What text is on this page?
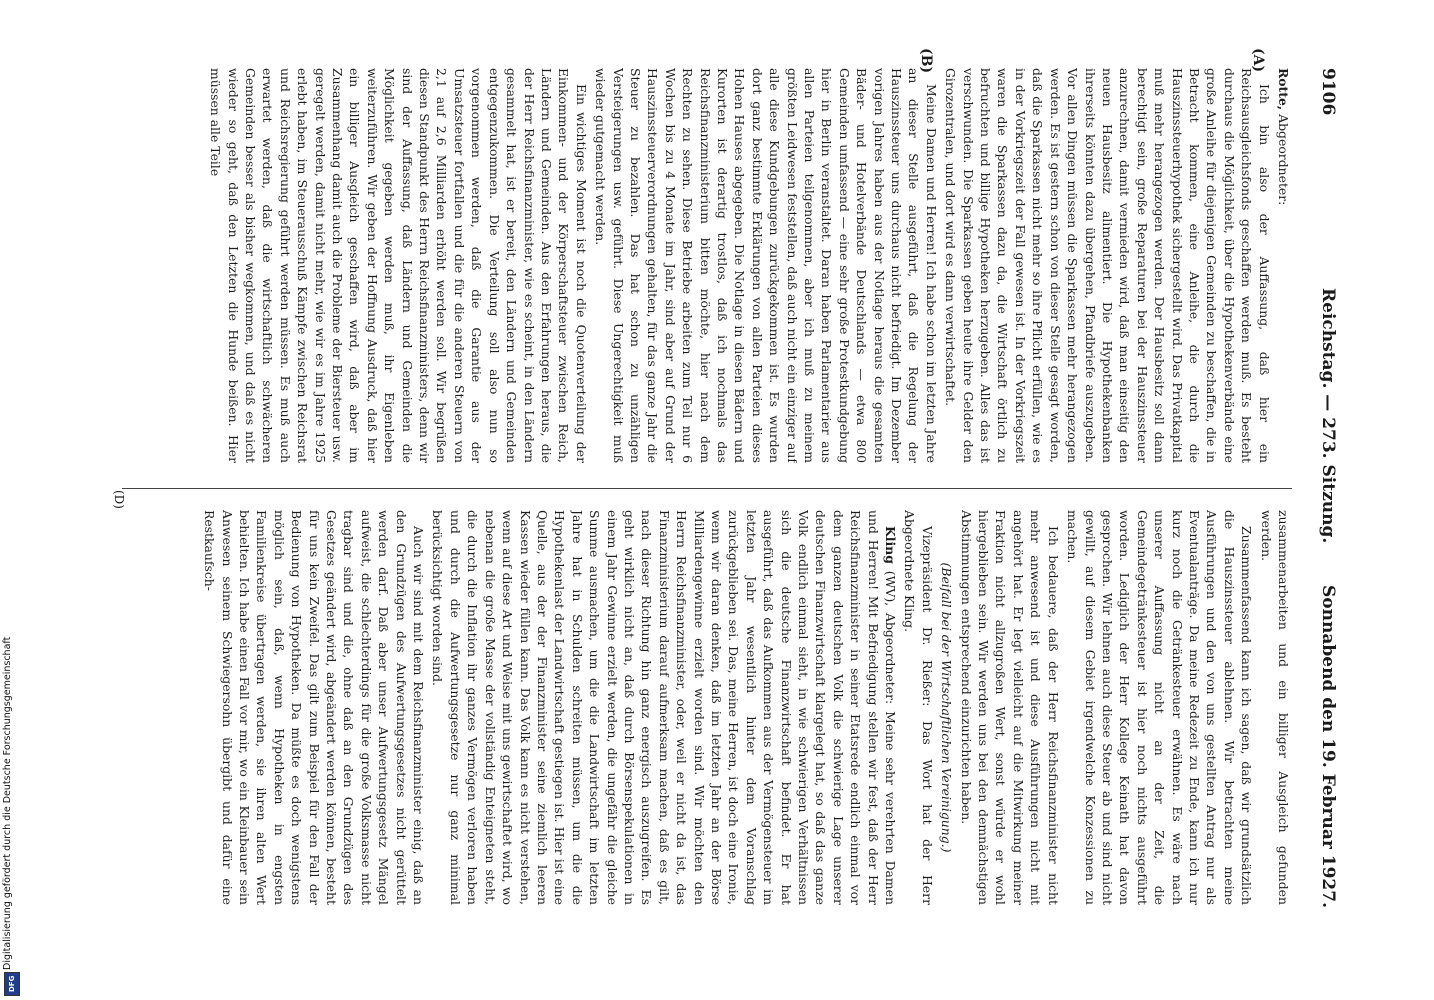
9106
Reichstag. — 273. Sitzung.
Sonnabend den 19. Februar 1927.
(A)
(B)
(D)

Rotte, Abgeordneter:

Ich bin also der Auffassung, daß hier ein Reichsausgleichsfonds geschaffen werden muß. Es besteht durchaus die Möglichkeit, über die Hypothekenverbände eine große Anleihe für diejenigen Gemeinden zu beschaffen, die in Betracht kommen, eine Anleihe, die durch die Hauszinssteuerhypothek sichergestellt wird. Das Privatkapital muß mehr herangezogen werden. Der Hausbesitz soll dann berechtigt sein, große Reparaturen bei der Hauszinssteuer anzurechnen, damit vermieden wird, daß man einseitig den neuen Hausbesitz alimentiert. Die Hypothekenbanken ihrerseits könnten dazu übergehen, Pfandbriefe auszugeben. Vor allen Dingen müssen die Sparkassen mehr herangezogen werden. Es ist gestern schon von dieser Stelle gesagt worden, daß die Sparkassen nicht mehr so ihre Pflicht erfüllen, wie es in der Vorkriegszeit der Fall gewesen ist. In der Vorkriegszeit waren die Sparkassen dazu da, die Wirtschaft örtlich zu befruchten und billige Hypotheken herzugeben. Alles das ist verschwunden. Die Sparkassen geben heute ihre Gelder den Girozentralen, und dort wird es dann verwirtschaftet.

Meine Damen und Herren! Ich habe schon im letzten Jahre an dieser Stelle ausgeführt, daß die Regelung der Hauszinssteuer uns durchaus nicht befriedigt. Im Dezember vorigen Jahres haben aus der Notlage heraus die gesamten Bäder- und Hotelverbände Deutschlands — etwa 800 Gemeinden umfassend — eine sehr große Protestkundgebung hier in Berlin veranstaltet. Daran haben Parlamentarier aus allen Parteien teilgenommen, aber ich muß zu meinem größten Leidwesen feststellen, daß auch nicht ein einziger auf alle diese Kundgebungen zurückgekommen ist. Es wurden dort ganz bestimmte Erklärungen von allen Parteien dieses Hohen Hauses abgegeben. Die Notlage in diesen Bädern und Kurorten ist derartig trostlos, daß ich nochmals das Reichsfinanzministerium bitten möchte, hier nach dem Rechten zu sehen. Diese Betriebe arbeiten zum Teil nur 6 Wochen bis zu 4 Monate im Jahr, sind aber auf Grund der Hauszinssteuerverordnungen gehalten, für das ganze Jahr die Steuer zu bezahlen. Das hat schon zu unzähligen Versteigerungen usw. geführt. Diese Ungerechtigkeit muß wieder gutgemacht werden.

Ein wichtiges Moment ist noch die Quotenverteilung der Einkommen- und der Körperschaftsteuer zwischen Reich, Ländern und Gemeinden. Aus den Erfahrungen heraus, die der Herr Reichsfinanzminister, wie es scheint, in den Ländern gesammelt hat, ist er bereit, den Ländern und Gemeinden entgegenzukommen. Die Verteilung soll also nun so vorgenommen werden, daß die Garantie aus der Umsatzsteuer fortfallen und die für die anderen Steuern von 2,1 auf 2,6 Milliarden erhöht werden soll. Wir begrüßen diesen Standpunkt des Herrn Reichsfinanzministers, denn wir sind der Auffassung, daß Ländern und Gemeinden die Möglichkeit gegeben werden muß, ihr Eigenleben weiterzuführen. Wir geben der Hoffnung Ausdruck, daß hier ein billiger Ausgleich geschaffen wird, daß aber im Zusammenhang damit auch die Probleme der Biersteuer usw. geregelt werden, damit nicht mehr, wie wir es im Jahre 1925 erlebt haben, im Steuerausschuß Kämpfe zwischen Reichsrat und Reichsregierung geführt werden müssen. Es muß auch erwartet werden, daß die wirtschaftlich schwächeren Gemeinden besser als bisher wegkommen, und daß es nicht wieder so geht, daß den Letzten die Hunde beißen. Hier müssen alle Teile

zusammenarbeiten und ein billiger Ausgleich gefunden werden.

Zusammenfassend kann ich sagen, daß wir grundsätzlich die Hauszinssteuer ablehnen. Wir betrachten meine Ausführungen und den von uns gestellten Antrag nur als Eventualanträge. Da meine Redezeit zu Ende, kann ich nur kurz noch die Getränkesteuer erwähnen. Es wäre nach unserer Auffassung nicht an der Zeit, die Gemeindegetränkesteuer ist hier noch nichts ausgeführt worden. Lediglich der Herr Kollege Keinath hat davon gesprochen. Wir lehnen auch diese Steuer ab und sind nicht gewillt, auf diesem Gebiet irgendwelche Konzessionen zu machen.

Ich bedauere, daß der Herr Reichsfinanzminister nicht mehr anwesend ist und diese Ausführungen nicht mit angehört hat. Er legt vielleicht auf die Mitwirkung meiner Fraktion nicht allzugroßen Wert, sonst würde er wohl hiergeblieben sein. Wir werden uns bei den demnächstigen Abstimmungen entsprechend einzurichten haben.

(Beifall bei der Wirtschaftlichen Vereinigung.)

Vizepräsident Dr. Rießer: Das Wort hat der Herr Abgeordnete Kling.

Kling (WV), Abgeordneter: Meine sehr verehrten Damen und Herren! Mit Befriedigung stellen wir fest, daß der Herr Reichsfinanzminister in seiner Etatsrede endlich einmal vor dem ganzen deutschen Volk die schwierige Lage unserer deutschen Finanzwirtschaft klargelegt hat, so daß das ganze Volk endlich einmal sieht, in wie schwierigen Verhältnissen sich die deutsche Finanzwirtschaft befindet. Er hat ausgeführt, daß das Aufkommen aus der Vermögensteuer im letzten Jahr wesentlich hinter dem Voranschlag zurückgeblieben sei. Das, meine Herren, ist doch eine Ironie, wenn wir daran denken, daß im letzten Jahr an der Börse Milliardengewinne erzielt worden sind. Wir möchten den Herrn Reichsfinanzminister, oder, weil er nicht da ist, das Finanzministerium darauf aufmerksam machen, daß es gilt, nach dieser Richtung hin ganz energisch auszugreifen. Es geht wirklich nicht an, daß durch Börsenspekulationen in einem Jahr Gewinne erzielt werden, die ungefähr die gleiche Summe ausmachen, um die die Landwirtschaft im letzten Jahre hat in Schulden schreiten müssen, um die die Hypothekenlast der Landwirtschaft gestiegen ist. Hier ist eine Quelle, aus der der Finanzminister seine ziemlich leeren Kassen wieder füllen kann. Das Volk kann es nicht verstehen, wenn auf diese Art und Weise mit uns gewirtschaftet wird, wo nebenan die große Masse der vollständig Enteigneten steht, die durch die Inflation ihr ganzes Vermögen verloren haben und durch die Aufwertungsgesetze nur ganz minimal berücksichtigt worden sind.

Auch wir sind mit dem Reichsfinanzminister einig, daß an den Grundzügen des Aufwertungsgesetzes nicht gerüttelt werden darf. Daß aber unser Aufwertungsgesetz Mängel aufweist, die schlechterdings für die große Volksmasse nicht tragbar sind und die, ohne daß an den Grundzügen des Gesetzes geändert wird, abgeändert werden können, besteht für uns kein Zweifel. Das gilt zum Beispiel für den Fall der Bedienung von Hypotheken. Da müßte es doch wenigstens möglich sein, daß, wenn Hypotheken in engsten Familienkreise übertragen werden, sie ihren alten Wert behielten. Ich habe einen Fall vor mir, wo ein Kleinbauer sein Anwesen seinem Schwiegersohn übergibt und dafür eine Restkaufsch-

Digitalisierung gefördert durch die Deutsche Forschungsgemeinschaft
DFG
